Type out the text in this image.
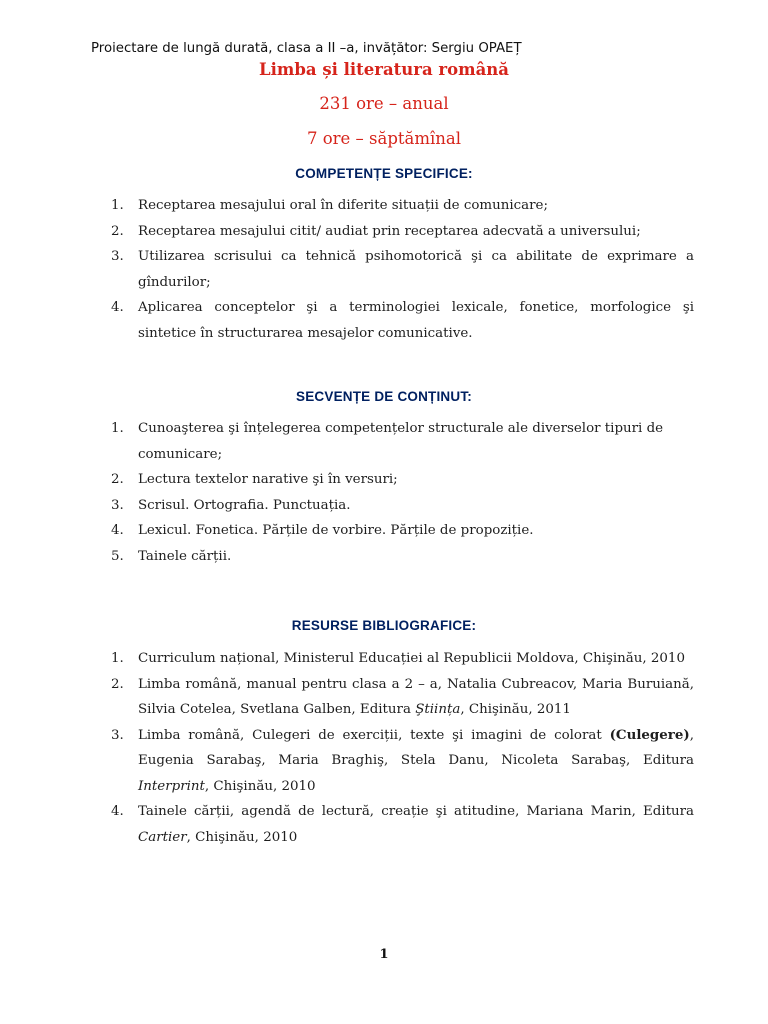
Proiectare de lungă durată, clasa a II –a, invățător: Sergiu OPAEȚ
Limba și literatura română
231 ore – anual
7 ore – săptămînal
COMPETENȚE SPECIFICE:
1. Receptarea mesajului oral în diferite situații de comunicare;
2. Receptarea mesajului citit/ audiat prin receptarea adecvată a universului;
3. Utilizarea scrisului ca tehnică psihomotorică şi ca abilitate de exprimare a gîndurilor;
4. Aplicarea conceptelor şi a terminologiei lexicale, fonetice, morfologice şi sintetice în structurarea mesajelor comunicative.
SECVENȚE DE CONȚINUT:
1. Cunoaşterea şi înțelegerea competențelor structurale ale diverselor tipuri de comunicare;
2. Lectura textelor narative şi în versuri;
3. Scrisul. Ortografia. Punctuația.
4. Lexicul. Fonetica. Părțile de vorbire. Părțile de propoziție.
5. Tainele cărții.
RESURSE BIBLIOGRAFICE:
1. Curriculum național, Ministerul Educației al Republicii Moldova, Chişinău, 2010
2. Limba română, manual pentru clasa a 2 – a, Natalia Cubreacov, Maria Buruiană, Silvia Cotelea, Svetlana Galben, Editura Ştiința, Chişinău, 2011
3. Limba română, Culegeri de exerciții, texte şi imagini de colorat (Culegere), Eugenia Sarabaş, Maria Braghiş, Stela Danu, Nicoleta Sarabaş, Editura Interprint, Chişinău, 2010
4. Tainele cărții, agendă de lectură, creație şi atitudine, Mariana Marin, Editura Cartier, Chişinău, 2010
1
